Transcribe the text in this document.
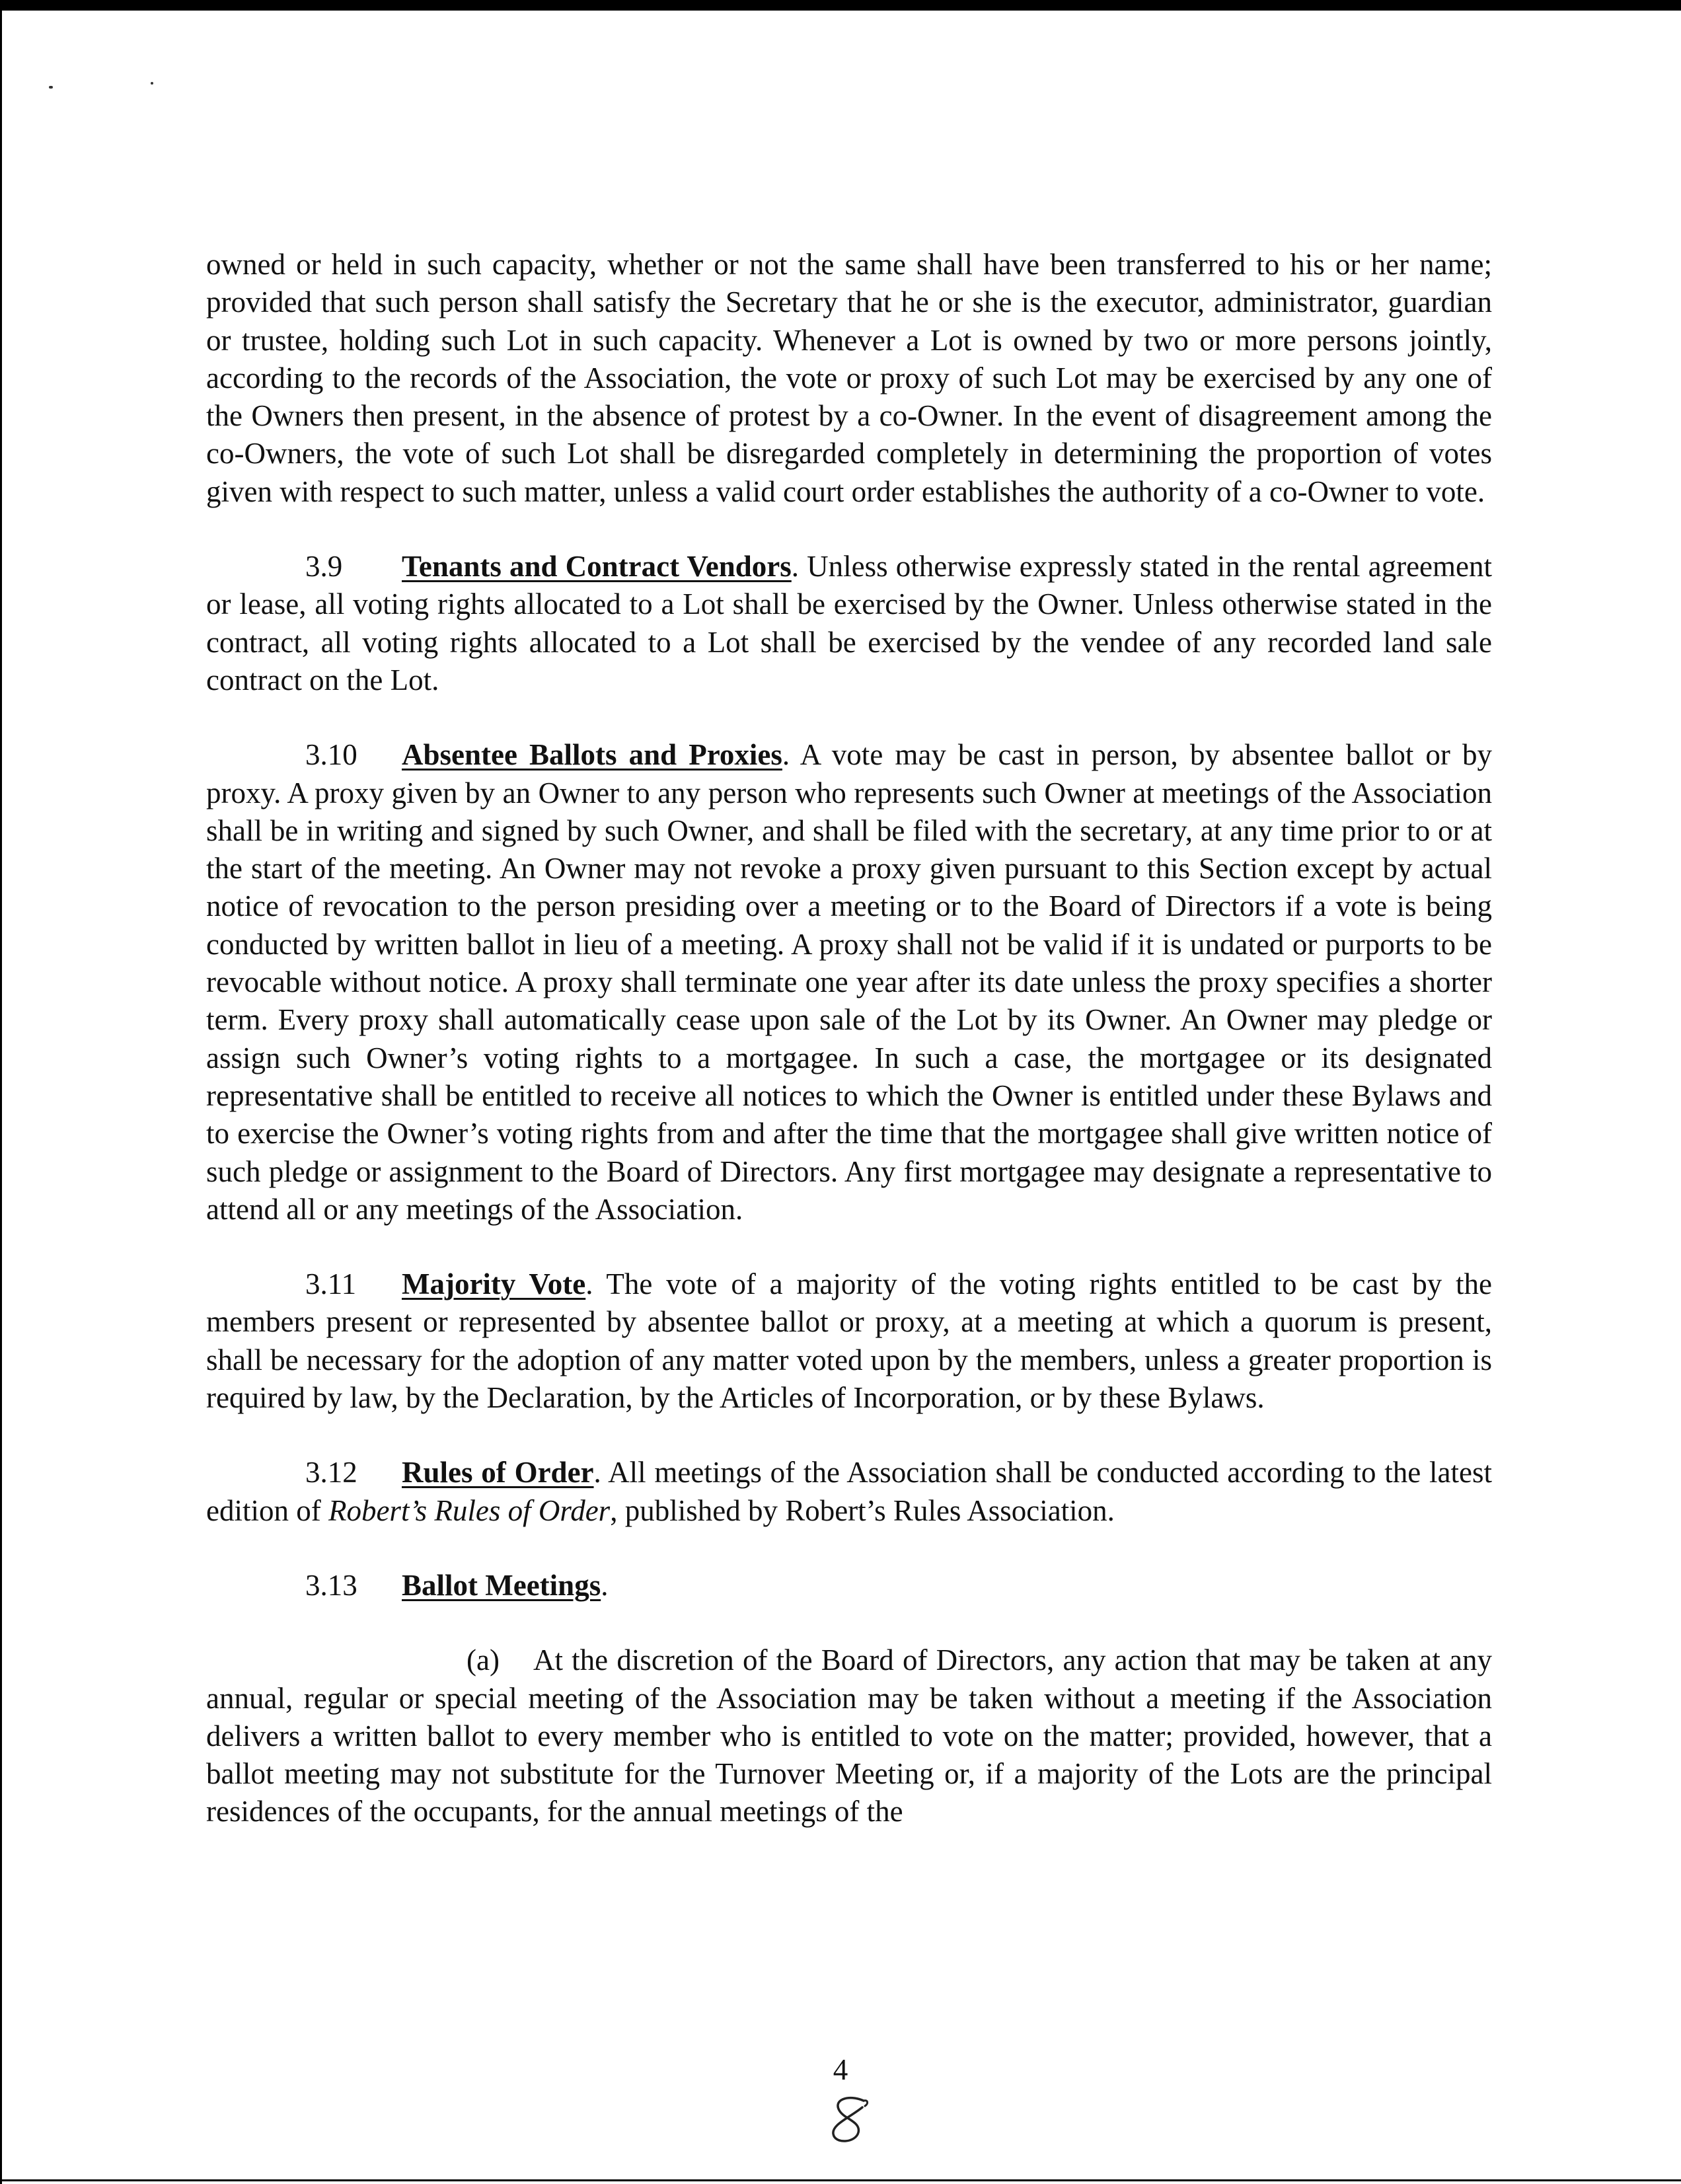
owned or held in such capacity, whether or not the same shall have been transferred to his or her name; provided that such person shall satisfy the Secretary that he or she is the executor, administrator, guardian or trustee, holding such Lot in such capacity. Whenever a Lot is owned by two or more persons jointly, according to the records of the Association, the vote or proxy of such Lot may be exercised by any one of the Owners then present, in the absence of protest by a co-Owner. In the event of disagreement among the co-Owners, the vote of such Lot shall be disregarded completely in determining the proportion of votes given with respect to such matter, unless a valid court order establishes the authority of a co-Owner to vote.

3.9 Tenants and Contract Vendors. Unless otherwise expressly stated in the rental agreement or lease, all voting rights allocated to a Lot shall be exercised by the Owner. Unless otherwise stated in the contract, all voting rights allocated to a Lot shall be exercised by the vendee of any recorded land sale contract on the Lot.

3.10 Absentee Ballots and Proxies. A vote may be cast in person, by absentee ballot or by proxy. A proxy given by an Owner to any person who represents such Owner at meetings of the Association shall be in writing and signed by such Owner, and shall be filed with the secretary, at any time prior to or at the start of the meeting. An Owner may not revoke a proxy given pursuant to this Section except by actual notice of revocation to the person presiding over a meeting or to the Board of Directors if a vote is being conducted by written ballot in lieu of a meeting. A proxy shall not be valid if it is undated or purports to be revocable without notice. A proxy shall terminate one year after its date unless the proxy specifies a shorter term. Every proxy shall automatically cease upon sale of the Lot by its Owner. An Owner may pledge or assign such Owner’s voting rights to a mortgagee. In such a case, the mortgagee or its designated representative shall be entitled to receive all notices to which the Owner is entitled under these Bylaws and to exercise the Owner’s voting rights from and after the time that the mortgagee shall give written notice of such pledge or assignment to the Board of Directors. Any first mortgagee may designate a representative to attend all or any meetings of the Association.

3.11 Majority Vote. The vote of a majority of the voting rights entitled to be cast by the members present or represented by absentee ballot or proxy, at a meeting at which a quorum is present, shall be necessary for the adoption of any matter voted upon by the members, unless a greater proportion is required by law, by the Declaration, by the Articles of Incorporation, or by these Bylaws.

3.12 Rules of Order. All meetings of the Association shall be conducted according to the latest edition of Robert’s Rules of Order, published by Robert’s Rules Association.

3.13 Ballot Meetings.

(a) At the discretion of the Board of Directors, any action that may be taken at any annual, regular or special meeting of the Association may be taken without a meeting if the Association delivers a written ballot to every member who is entitled to vote on the matter; provided, however, that a ballot meeting may not substitute for the Turnover Meeting or, if a majority of the Lots are the principal residences of the occupants, for the annual meetings of the

4
